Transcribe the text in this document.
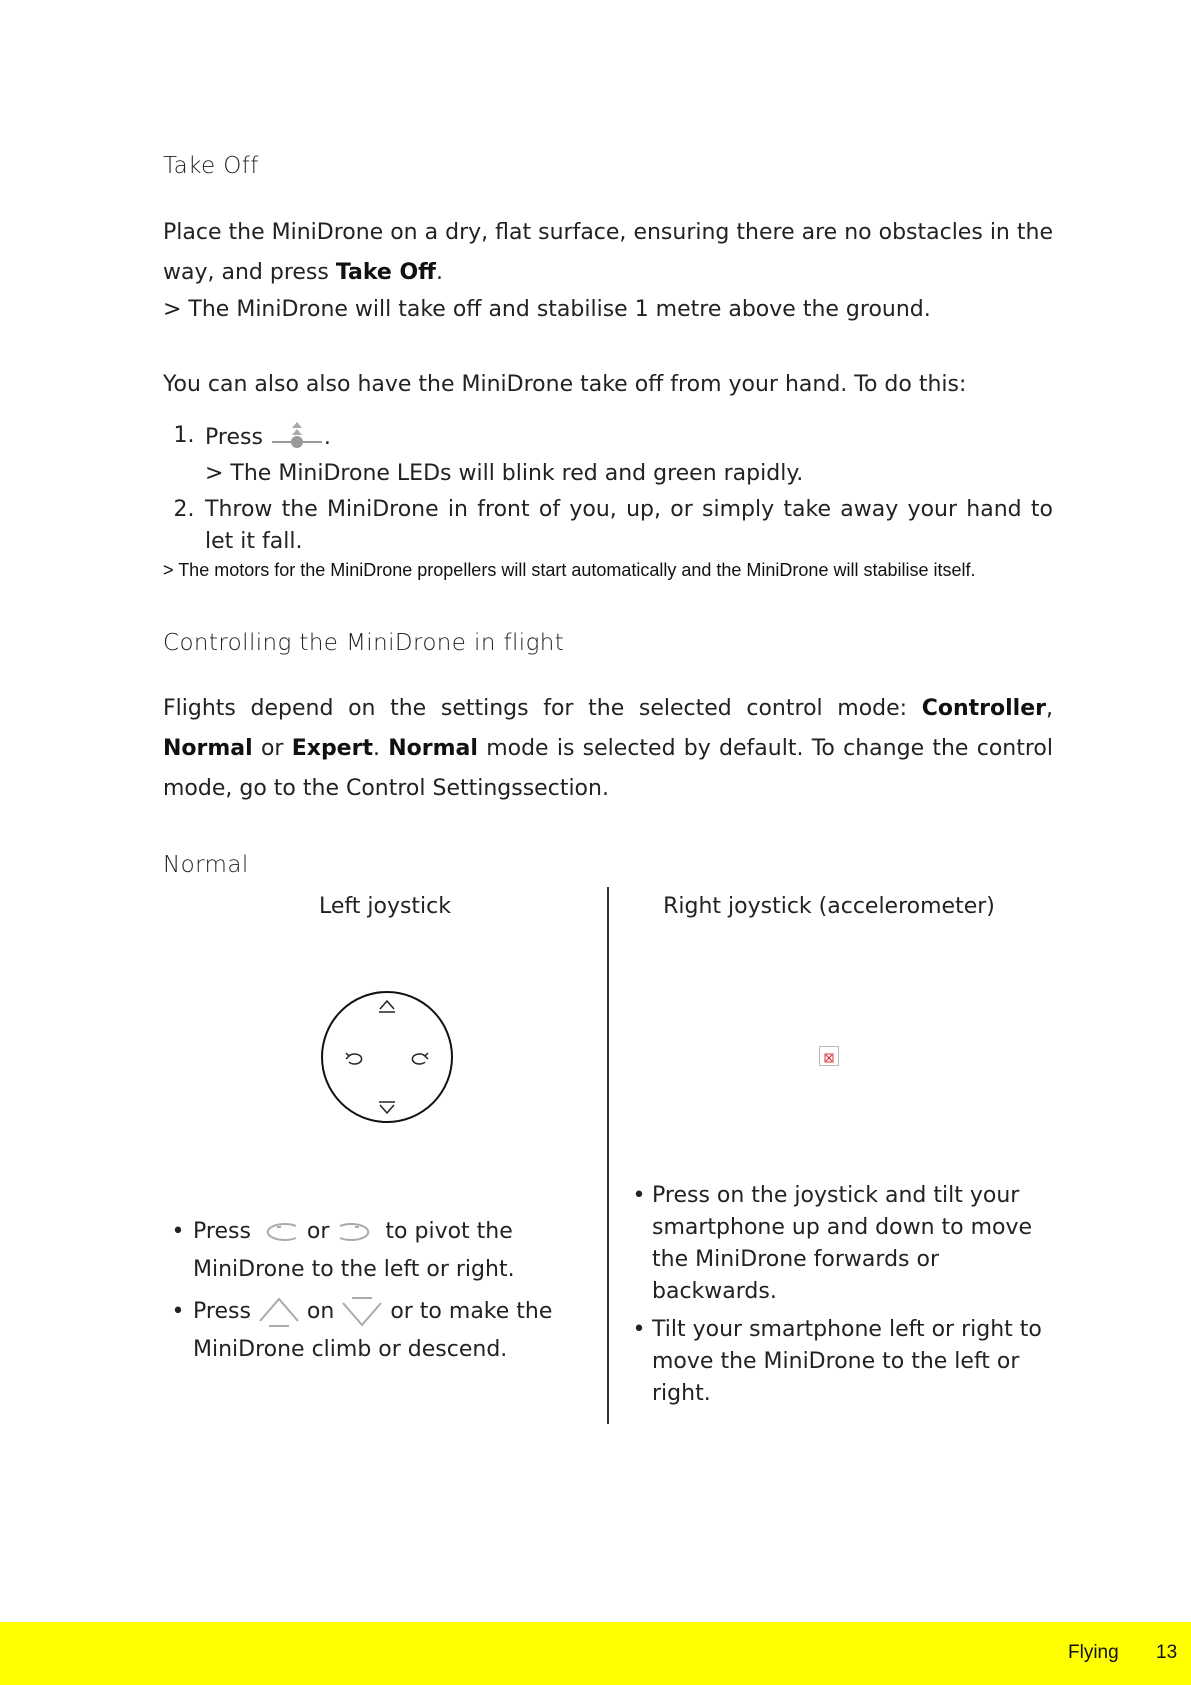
Take Off
Place the MiniDrone on a dry, flat surface, ensuring there are no obstacles in the way, and press Take Off.
> The MiniDrone will take off and stabilise 1 metre above the ground.
You can also also have the MiniDrone take off from your hand. To do this:
1. Press .
> The MiniDrone LEDs will blink red and green rapidly.
2. Throw the MiniDrone in front of you, up, or simply take away your hand to let it fall.
> The motors for the MiniDrone propellers will start automatically and the MiniDrone will stabilise itself.
Controlling the MiniDrone in flight
Flights depend on the settings for the selected control mode: Controller, Normal or Expert. Normal mode is selected by default. To change the control mode, go to the Control Settingssection.
Normal
Left joystick	Right joystick (accelerometer)
• Press	or	to pivot the
MiniDrone to the left or right.
• Press	on	or to make the
MiniDrone climb or descend.
• Press on the joystick and tilt your smartphone up and down to move the MiniDrone forwards or backwards.
• Tilt your smartphone left or right to move the MiniDrone to the left or right.
Flying 13
